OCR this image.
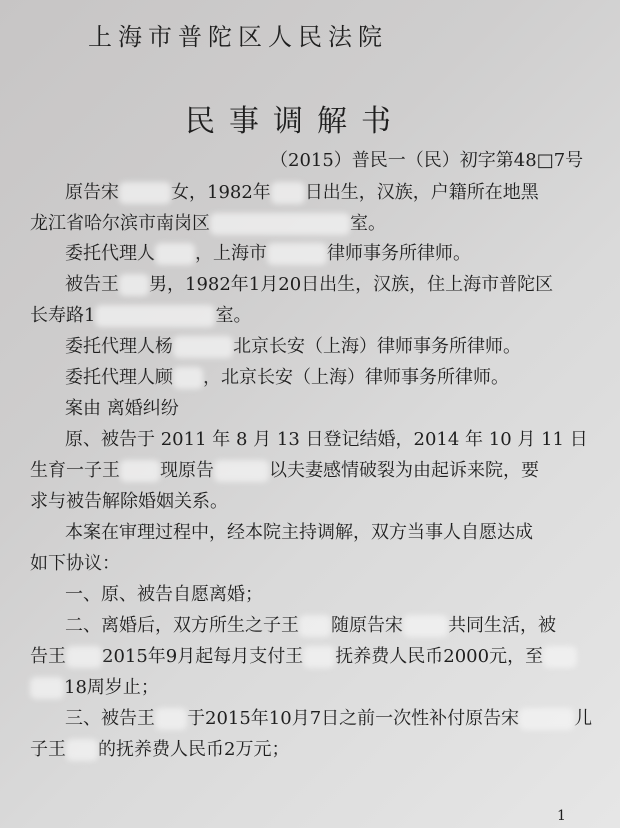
上海市普陀区人民法院
民事调解书
（2015）普民一（民）初字第48□7号
原告宋	女，1982年 日出生，汉族，户籍所在地黑
龙江省哈尔滨市南岗区	室。
委托代理人 ，上海市	律师事务所律师。
被告王 男，1982年1月20日出生，汉族，住上海市普陀区
长寿路1	室。
委托代理人杨	北京长安（上海）律师事务所律师。
委托代理人顾 ，北京长安（上海）律师事务所律师。
案由 离婚纠纷
原、被告于 2011 年 8 月 13 日登记结婚，2014 年 10 月 11 日
生育一子王 现原告	以夫妻感情破裂为由起诉来院，要
求与被告解除婚姻关系。
本案在审理过程中，经本院主持调解，双方当事人自愿达成
如下协议：
一、原、被告自愿离婚；
二、离婚后，双方所生之子王 随原告宋	共同生活，被
告王 2015年9月起每月支付王 抚养费人民币2000元，至
18周岁止；
三、被告王 于2015年10月7日之前一次性补付原告宋	儿
子王 的抚养费人民币2万元；
1
